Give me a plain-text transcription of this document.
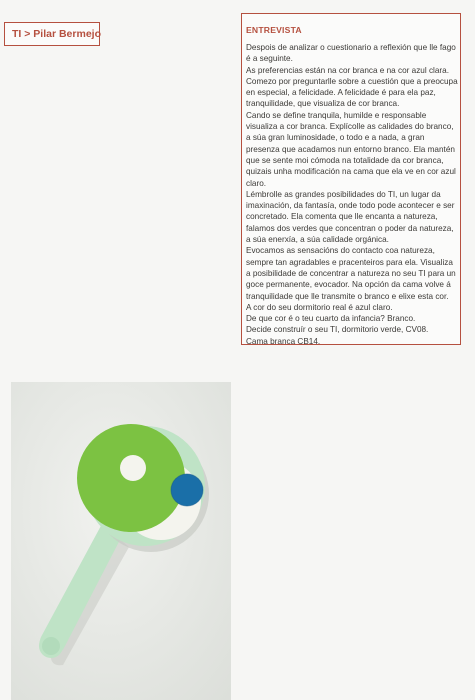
TI > Pilar Bermejo	ENTREVISTA

Despois de analizar o cuestionario a reflexión que lle fago é a seguinte.

As preferencias están na cor branca e na cor azul clara.

Comezo por preguntarlle sobre a cuestión que a preocupa en especial, a felicidade. A felicidade é para ela paz, tranquilidade, que visualiza de cor branca.

Cando se define tranquila, humilde e responsable visualiza a cor branca. Explícolle as calidades do branco, a súa gran luminosidade, o todo e a nada, a gran presenza que acadamos nun entorno branco. Ela mantén que se sente moi cómoda na totalidade da cor branca, quizais unha modificación na cama que ela ve en cor azul claro.

Lémbrolle as grandes posibilidades do TI, un lugar da imaxinación, da fantasía, onde todo pode acontecer e ser concretado. Ela comenta que lle encanta a natureza, falamos dos verdes que concentran o poder da natureza, a súa enerxía, a súa calidade orgánica.

Evocamos as sensacións do contacto coa natureza, sempre tan agradables e pracenteiros para ela. Visualiza a posibilidade de concentrar a natureza no seu TI para un goce permanente, evocador. Na opción da cama volve á tranquilidade que lle transmite o branco e elixe esta cor.

A cor do seu dormitorio real é azul claro.

De que cor é o teu cuarto da infancia? Branco.

Decide construír o seu TI, dormitorio verde, CV08.

Cama branca CB14.
